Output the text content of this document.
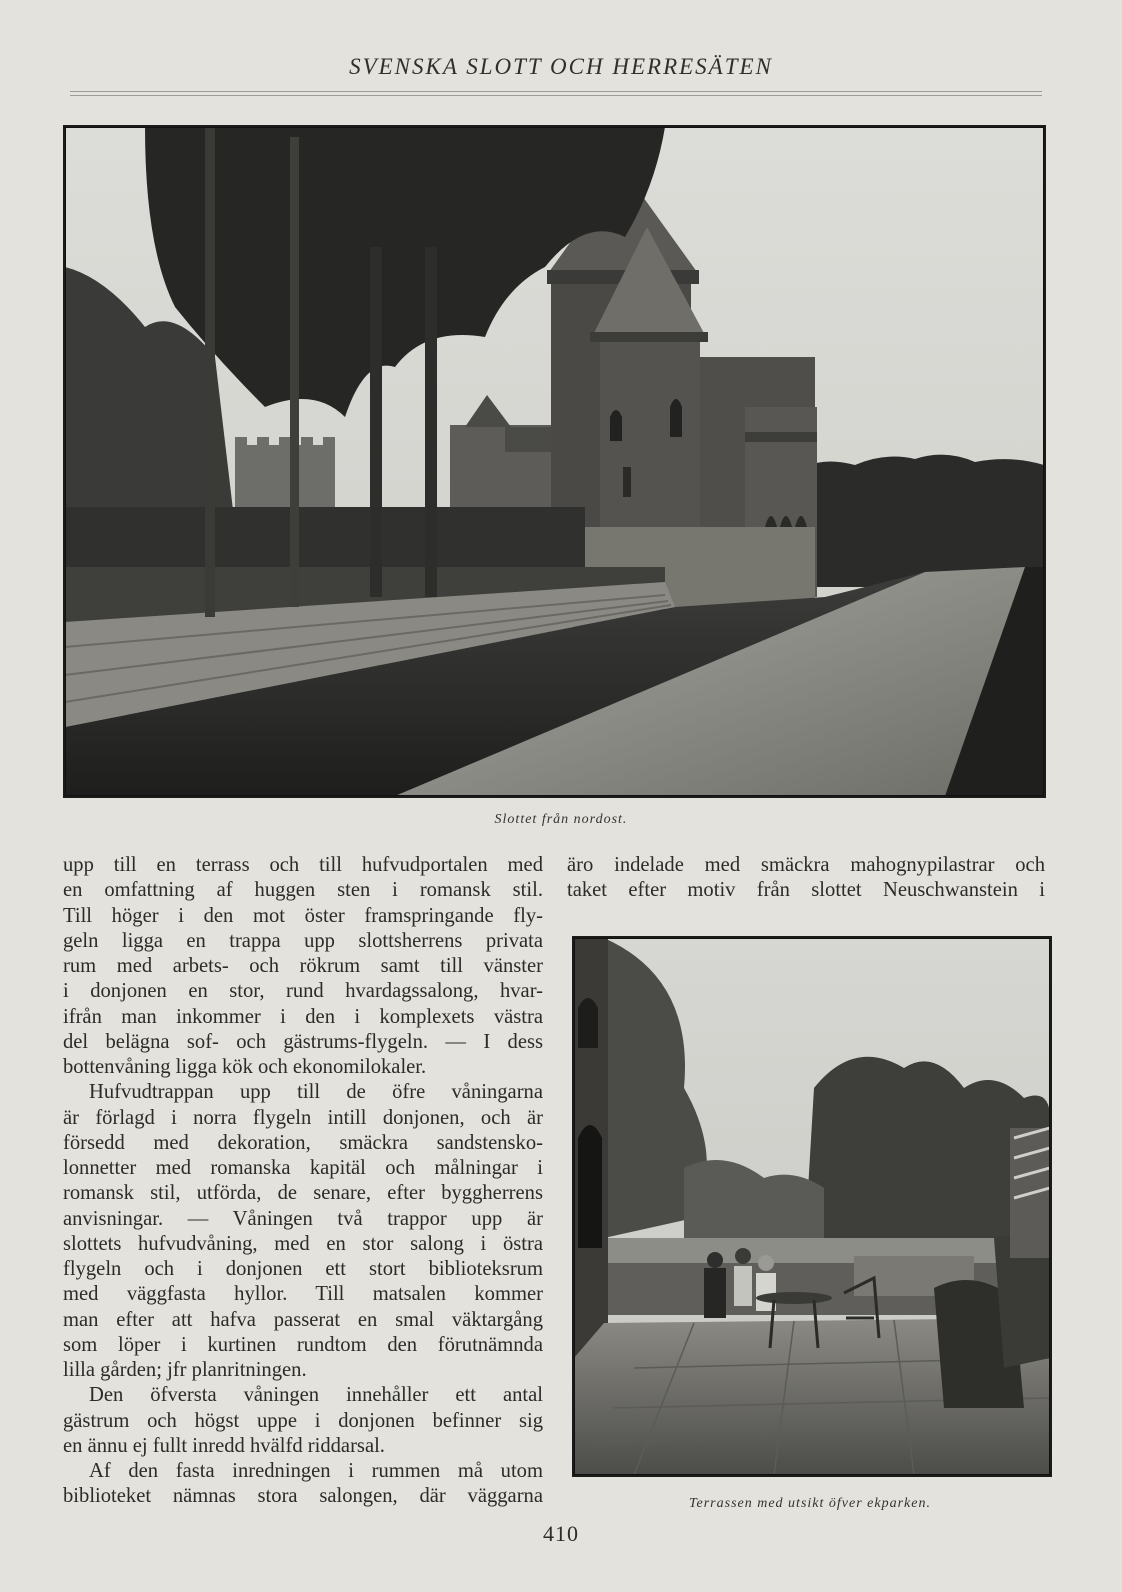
SVENSKA SLOTT OCH HERRESÄTEN
Slottet från nordost.

upp till en terrass och till hufvudportalen med

en omfattning af huggen sten i romansk stil.

Till höger i den mot öster framspringande fly-

geln ligga en trappa upp slottsherrens privata

rum med arbets- och rökrum samt till vänster

i donjonen en stor, rund hvardagssalong, hvar-

ifrån man inkommer i den i komplexets västra

del belägna sof- och gästrums-flygeln. — I dess

bottenvåning ligga kök och ekonomilokaler.

Hufvudtrappan upp till de öfre våningarna

är förlagd i norra flygeln intill donjonen, och är

försedd med dekoration, smäckra sandstensko-

lonnetter med romanska kapitäl och målningar i

romansk stil, utförda, de senare, efter byggherrens

anvisningar. — Våningen två trappor upp är

slottets hufvudvåning, med en stor salong i östra

flygeln och i donjonen ett stort biblioteksrum

med väggfasta hyllor. Till matsalen kommer

man efter att hafva passerat en smal väktargång

som löper i kurtinen rundtom den förutnämnda

lilla gården; jfr planritningen.

Den öfversta våningen innehåller ett antal

gästrum och högst uppe i donjonen befinner sig

en ännu ej fullt inredd hvälfd riddarsal.

Af den fasta inredningen i rummen må utom

biblioteket nämnas stora salongen, där väggarna

äro indelade med smäckra mahognypilastrar och

taket efter motiv från slottet Neuschwanstein i

Terrassen med utsikt öfver ekparken.
410
